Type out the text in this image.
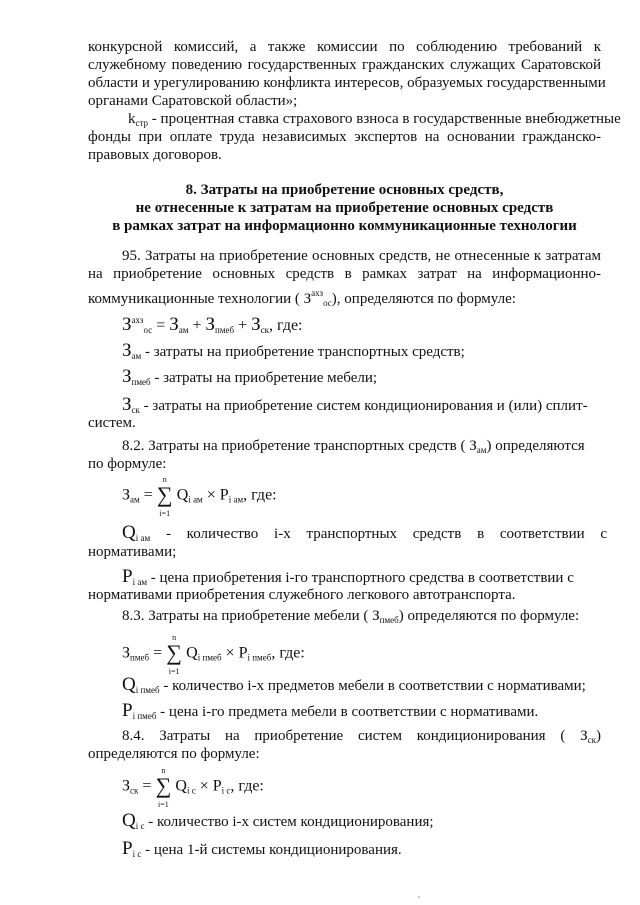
конкурсной комиссий, а также комиссии по соблюдению требований к
служебному поведению государственных гражданских служащих Саратовской
области и урегулированию конфликта интересов, образуемых государственными
органами Саратовской области»;
$k_{стр}$ - процентная ставка страхового взноса в государственные внебюджетные
фонды при оплате труда независимых экспертов на основании гражданско-
правовых договоров.
8. Затраты на приобретение основных средств,
не отнесенные к затратам на приобретение основных средств
в рамках затрат на информационно коммуникационные технологии
95. Затраты на приобретение основных средств, не отнесенные к затратам
на приобретение основных средств в рамках затрат на информационно-
коммуникационные технологии ( $З^{ахз}_{ос}$), определяются по формуле:
$З^{ахз}_{ос} = З_{ам} + З_{пмеб} + З_{ск}$, где:
$З_{ам}$ - затраты на приобретение транспортных средств;
$З_{пмеб}$ - затраты на приобретение мебели;
$З_{ск}$ - затраты на приобретение систем кондиционирования и (или) сплит-
систем.
8.2. Затраты на приобретение транспортных средств ( $З_{ам}$) определяются
по формуле:
$З_{ам}$ =
n
∑
i=1
$Q_{i ам} \times P_{i ам}$, где:
$Q_{i ам}$ - количество i-х транспортных средств в соответствии с
нормативами;
$P_{i ам}$ - цена приобретения i-го транспортного средства в соответствии с
нормативами приобретения служебного легкового автотранспорта.
8.3. Затраты на приобретение мебели ( $З_{пмеб}$) определяются по формуле:
$З_{пмеб}$ =
n
∑
i=1
$Q_{i пмеб} \times P_{i пмеб}$, где:
$Q_{i пмеб}$ - количество i-х предметов мебели в соответствии с нормативами;
$P_{i пмеб}$ - цена i-го предмета мебели в соответствии с нормативами.
8.4. Затраты на приобретение систем кондиционирования ( $З_{ск}$)
определяются по формуле:
$З_{ск}$ =
n
∑
i=1
$Q_{i с} \times P_{i с}$, где:
$Q_{i с}$ - количество i-х систем кондиционирования;
$P_{i с}$ - цена 1-й системы кондиционирования.
,
